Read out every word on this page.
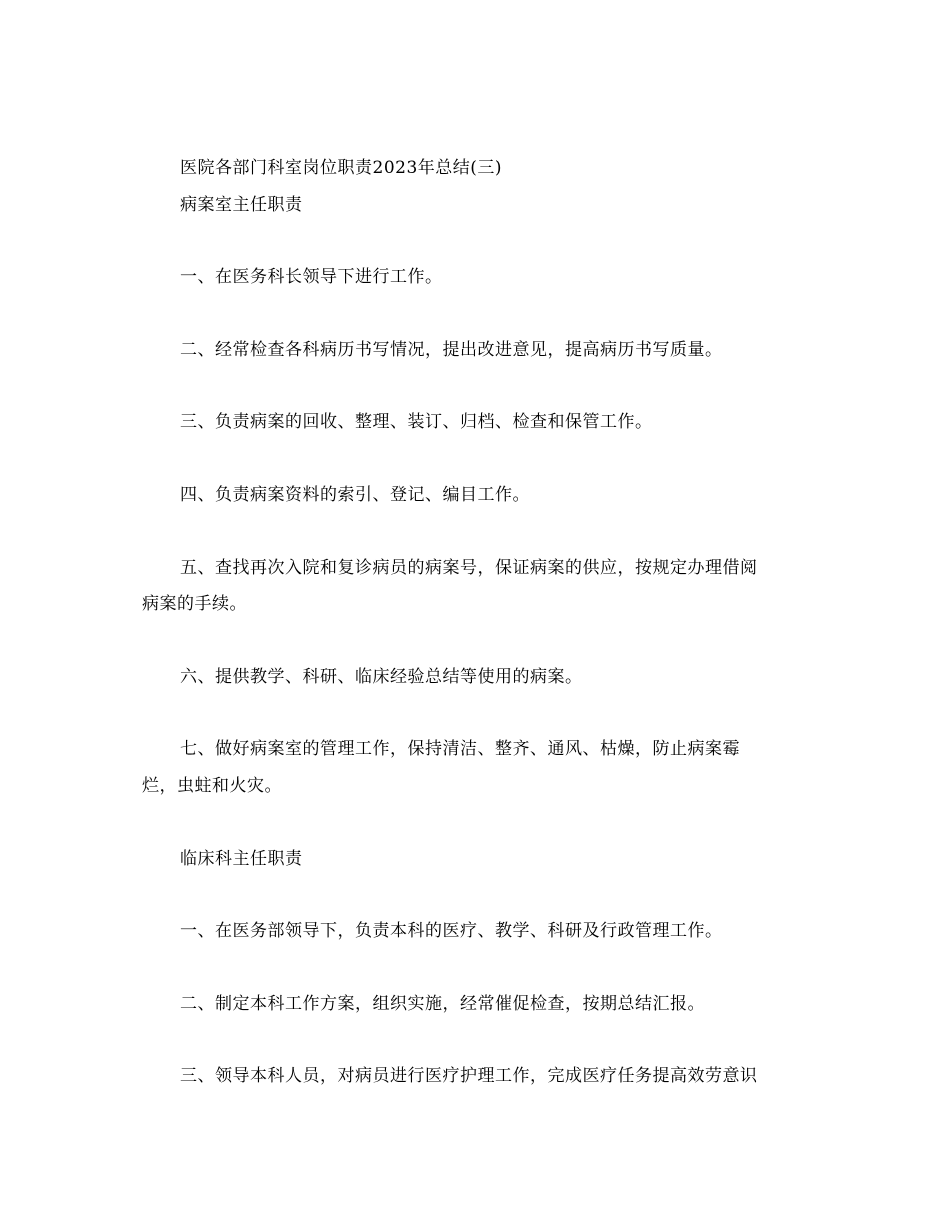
医院各部门科室岗位职责2023年总结(三)

病案室主任职责

一、在医务科长领导下进行工作。

二、经常检查各科病历书写情况，提出改进意见，提高病历书写质量。

三、负责病案的回收、整理、装订、归档、检查和保管工作。

四、负责病案资料的索引、登记、编目工作。

五、查找再次入院和复诊病员的病案号，保证病案的供应，按规定办理借阅

病案的手续。

六、提供教学、科研、临床经验总结等使用的病案。

七、做好病案室的管理工作，保持清洁、整齐、通风、枯燥，防止病案霉

烂，虫蛀和火灾。

临床科主任职责

一、在医务部领导下，负责本科的医疗、教学、科研及行政管理工作。

二、制定本科工作方案，组织实施，经常催促检查，按期总结汇报。

三、领导本科人员，对病员进行医疗护理工作，完成医疗任务提高效劳意识
